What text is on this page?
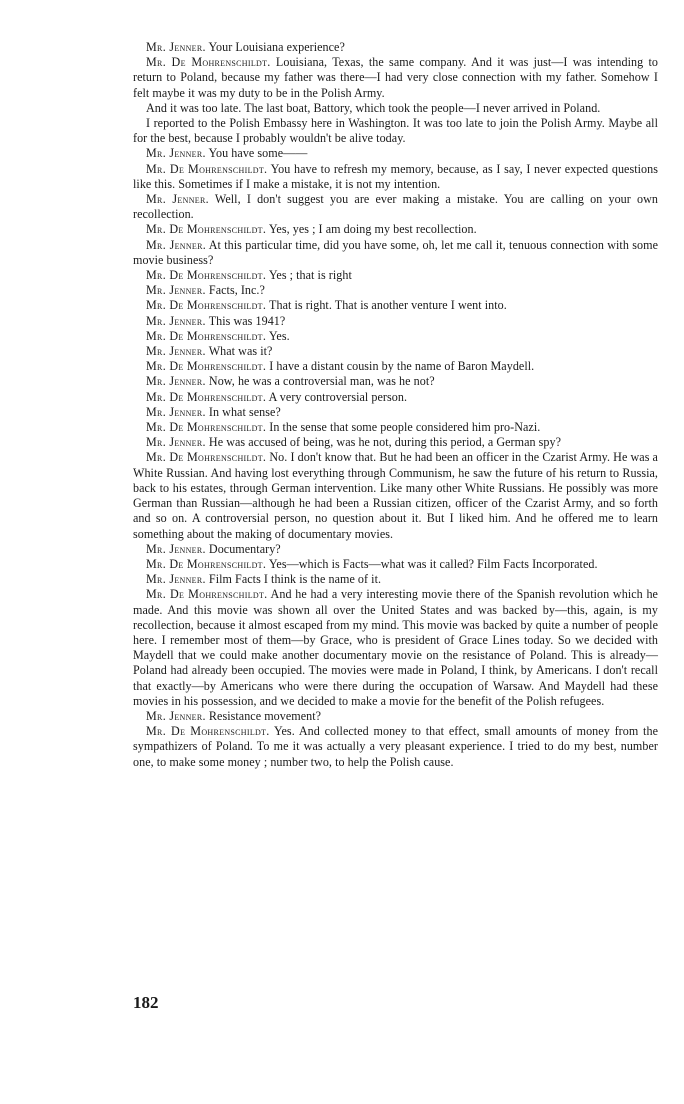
Mr. Jenner. Your Louisiana experience?

Mr. De Mohrenschildt. Louisiana, Texas, the same company. And it was just—I was intending to return to Poland, because my father was there—I had very close connection with my father. Somehow I felt maybe it was my duty to be in the Polish Army.

And it was too late. The last boat, Battory, which took the people—I never arrived in Poland.

I reported to the Polish Embassy here in Washington. It was too late to join the Polish Army. Maybe all for the best, because I probably wouldn't be alive today.

Mr. Jenner. You have some——

Mr. De Mohrenschildt. You have to refresh my memory, because, as I say, I never expected questions like this. Sometimes if I make a mistake, it is not my intention.

Mr. Jenner. Well, I don't suggest you are ever making a mistake. You are calling on your own recollection.

Mr. De Mohrenschildt. Yes, yes ; I am doing my best recollection.

Mr. Jenner. At this particular time, did you have some, oh, let me call it, tenuous connection with some movie business?

Mr. De Mohrenschildt. Yes ; that is right

Mr. Jenner. Facts, Inc.?

Mr. De Mohrenschildt. That is right. That is another venture I went into.

Mr. Jenner. This was 1941?

Mr. De Mohrenschildt. Yes.

Mr. Jenner. What was it?

Mr. De Mohrenschildt. I have a distant cousin by the name of Baron Maydell.

Mr. Jenner. Now, he was a controversial man, was he not?

Mr. De Mohrenschildt. A very controversial person.

Mr. Jenner. In what sense?

Mr. De Mohrenschildt. In the sense that some people considered him pro-Nazi.

Mr. Jenner. He was accused of being, was he not, during this period, a German spy?

Mr. De Mohrenschildt. No. I don't know that. But he had been an officer in the Czarist Army. He was a White Russian. And having lost everything through Communism, he saw the future of his return to Russia, back to his estates, through German intervention. Like many other White Russians. He possibly was more German than Russian—although he had been a Russian citizen, officer of the Czarist Army, and so forth and so on. A controversial person, no question about it. But I liked him. And he offered me to learn something about the making of documentary movies.

Mr. Jenner. Documentary?

Mr. De Mohrenschildt. Yes—which is Facts—what was it called? Film Facts Incorporated.

Mr. Jenner. Film Facts I think is the name of it.

Mr. De Mohrenschildt. And he had a very interesting movie there of the Spanish revolution which he made. And this movie was shown all over the United States and was backed by—this, again, is my recollection, because it almost escaped from my mind. This movie was backed by quite a number of people here. I remember most of them—by Grace, who is president of Grace Lines today. So we decided with Maydell that we could make another documentary movie on the resistance of Poland. This is already—Poland had already been occupied. The movies were made in Poland, I think, by Americans. I don't recall that exactly—by Americans who were there during the occupation of Warsaw. And Maydell had these movies in his possession, and we decided to make a movie for the benefit of the Polish refugees.

Mr. Jenner. Resistance movement?

Mr. De Mohrenschildt. Yes. And collected money to that effect, small amounts of money from the sympathizers of Poland. To me it was actually a very pleasant experience. I tried to do my best, number one, to make some money ; number two, to help the Polish cause.

182
